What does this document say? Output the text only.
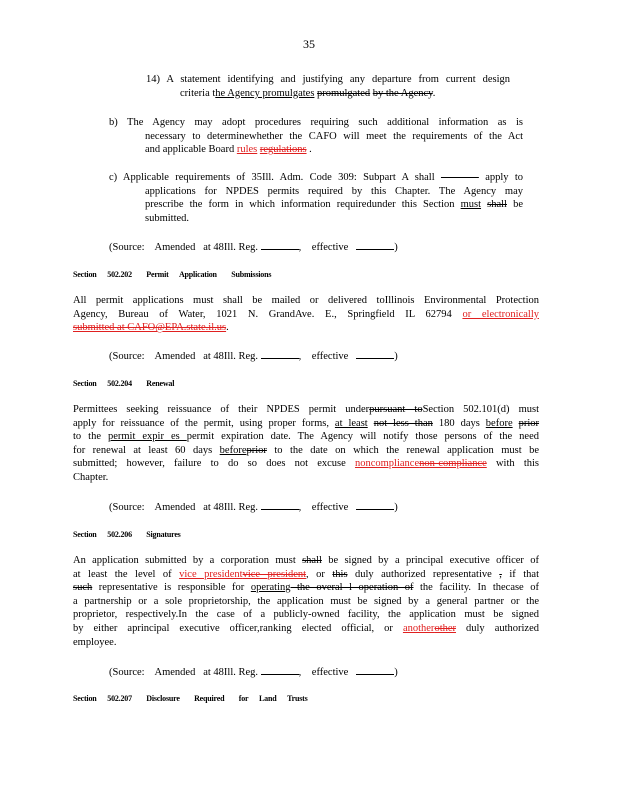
35

14) A statement identifying and justifying any departure from current design

criteria the Agency promulgates promulgated by the Agency.

b) The Agency may adopt procedures requiring such additional information as is

necessary to determinewhether the CAFO will meet the requirements of the Act

and applicable Board rules regulations .

c) Applicable requirements of 35Ill. Adm. Code 309: Subpart A shall	apply to

applications for NPDES permits required by this Chapter. The Agency may

prescribe the form in which information requiredunder this Section must shall be

submitted.

(Source: Amended at 48Ill. Reg.	,    effective	)
Section      502.202        Permit      Application        Submissions

All permit applications must shall be mailed or delivered toIllinois Environmental Protection

Agency, Bureau of Water, 1021 N. GrandAve. E., Springfield IL 62794 or electronically

submitted at CAFO@EPA.state.il.us.

(Source: Amended at 48Ill. Reg.	,    effective	)
Section      502.204        Renewal

Permittees seeking reissuance of their NPDES permit underpursuant toSection 502.101(d) must

apply for reissuance of the permit, using proper forms, at least not less than 180 days before prior

to the permit expir es permit expiration date. The Agency will notify those persons of the need

for renewal at least 60 days beforeprior to the date on which the renewal application must be

submitted; however, failure to do so does not excuse noncompliancenon-compliance with this

Chapter.

(Source: Amended at 48Ill. Reg.	,    effective	)
Section      502.206        Signatures

An application submitted by a corporation must shall be signed by a principal executive officer of

at least the level of vice presidentvice president, or this duly authorized representative , if that

such representative is responsible for operating the overal l operation of the facility. In thecase of

a partnership or a sole proprietorship, the application must be signed by a general partner or the

proprietor, respectively.In the case of a publicly-owned facility, the application must be signed

by either aprincipal executive officer,ranking elected official, or anotherother duly authorized

employee.

(Source: Amended at 48Ill. Reg.	,    effective	)
Section      502.207        Disclosure        Required        for      Land      Trusts
